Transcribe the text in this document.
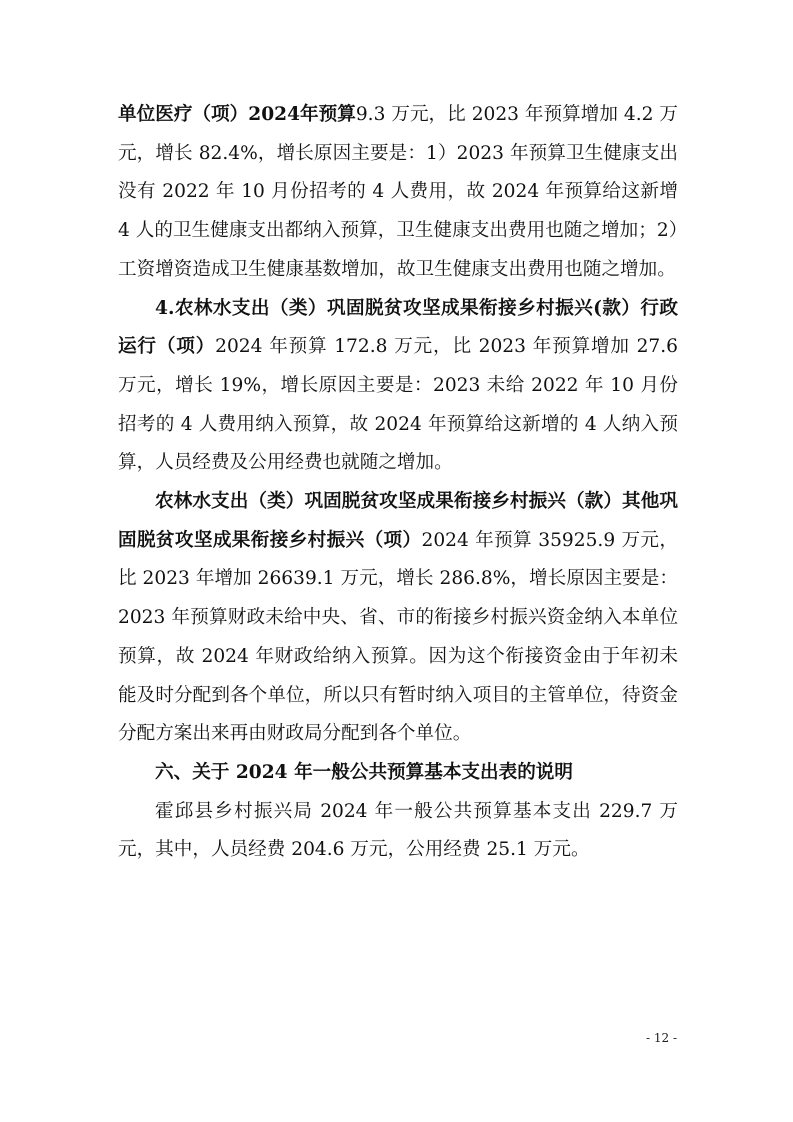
单位医疗（项）2024年预算9.3 万元，比 2023 年预算增加 4.2 万元，增长 82.4%，增长原因主要是：1）2023 年预算卫生健康支出没有 2022 年 10 月份招考的 4 人费用，故 2024 年预算给这新增 4 人的卫生健康支出都纳入预算，卫生健康支出费用也随之增加；2）工资增资造成卫生健康基数增加，故卫生健康支出费用也随之增加。

4.农林水支出（类）巩固脱贫攻坚成果衔接乡村振兴(款）行政运行（项）2024 年预算 172.8 万元，比 2023 年预算增加 27.6 万元，增长 19%，增长原因主要是：2023 未给 2022 年 10 月份招考的 4 人费用纳入预算，故 2024 年预算给这新增的 4 人纳入预算，人员经费及公用经费也就随之增加。

农林水支出（类）巩固脱贫攻坚成果衔接乡村振兴（款）其他巩固脱贫攻坚成果衔接乡村振兴（项）2024 年预算 35925.9 万元，比 2023 年增加 26639.1 万元，增长 286.8%，增长原因主要是：2023 年预算财政未给中央、省、市的衔接乡村振兴资金纳入本单位预算，故 2024 年财政给纳入预算。因为这个衔接资金由于年初未能及时分配到各个单位，所以只有暂时纳入项目的主管单位，待资金分配方案出来再由财政局分配到各个单位。

六、关于 2024 年一般公共预算基本支出表的说明

霍邱县乡村振兴局 2024 年一般公共预算基本支出 229.7 万元，其中，人员经费 204.6 万元，公用经费 25.1 万元。

- 12 -
